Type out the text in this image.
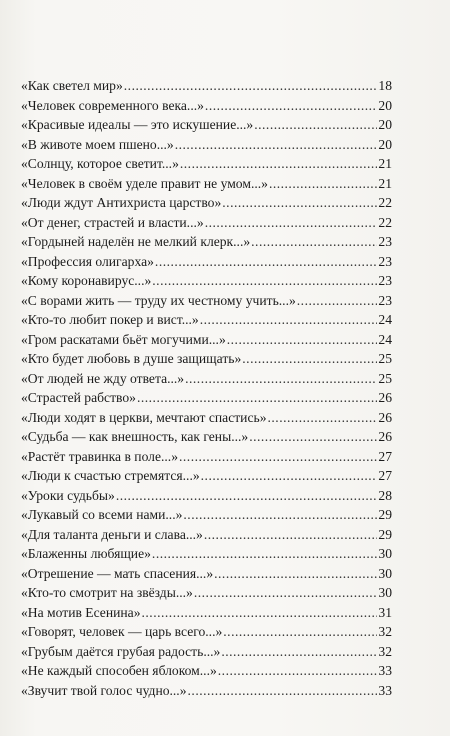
«Как светел мир» .....	18
«Человек современного века...» .....	20
«Красивые идеалы — это искушение...» .....	20
«В животе моем пшено...» .....	20
«Солнцу, которое светит...» .....	21
«Человек в своём уделе правит не умом...» .....	21
«Люди ждут Антихриста царство» .....	22
«От денег, страстей и власти...» .....	22
«Гордыней наделён не мелкий клерк...» .....	23
«Профессия олигарха» .....	23
«Кому коронавирус...» .....	23
«С ворами жить — труду их честному учить...» .....	23
«Кто-то любит покер и вист...» .....	24
«Гром раскатами бьёт могучими...» .....	24
«Кто будет любовь в душе защищать» .....	25
«От людей не жду ответа...» .....	25
«Страстей рабство» .....	26
«Люди ходят в церкви, мечтают спастись» .....	26
«Судьба — как внешность, как гены...» .....	26
«Растёт травинка в поле...» .....	27
«Люди к счастью стремятся...» .....	27
«Уроки судьбы» .....	28
«Лукавый со всеми нами...» .....	29
«Для таланта деньги и слава...» .....	29
«Блаженны любящие» .....	30
«Отрешение — мать спасения...» .....	30
«Кто-то смотрит на звёзды...» .....	30
«На мотив Есенина» .....	31
«Говорят, человек — царь всего...» .....	32
«Грубым даётся грубая радость...» .....	32
«Не каждый способен яблоком...» .....	33
«Звучит твой голос чудно...» .....	33
